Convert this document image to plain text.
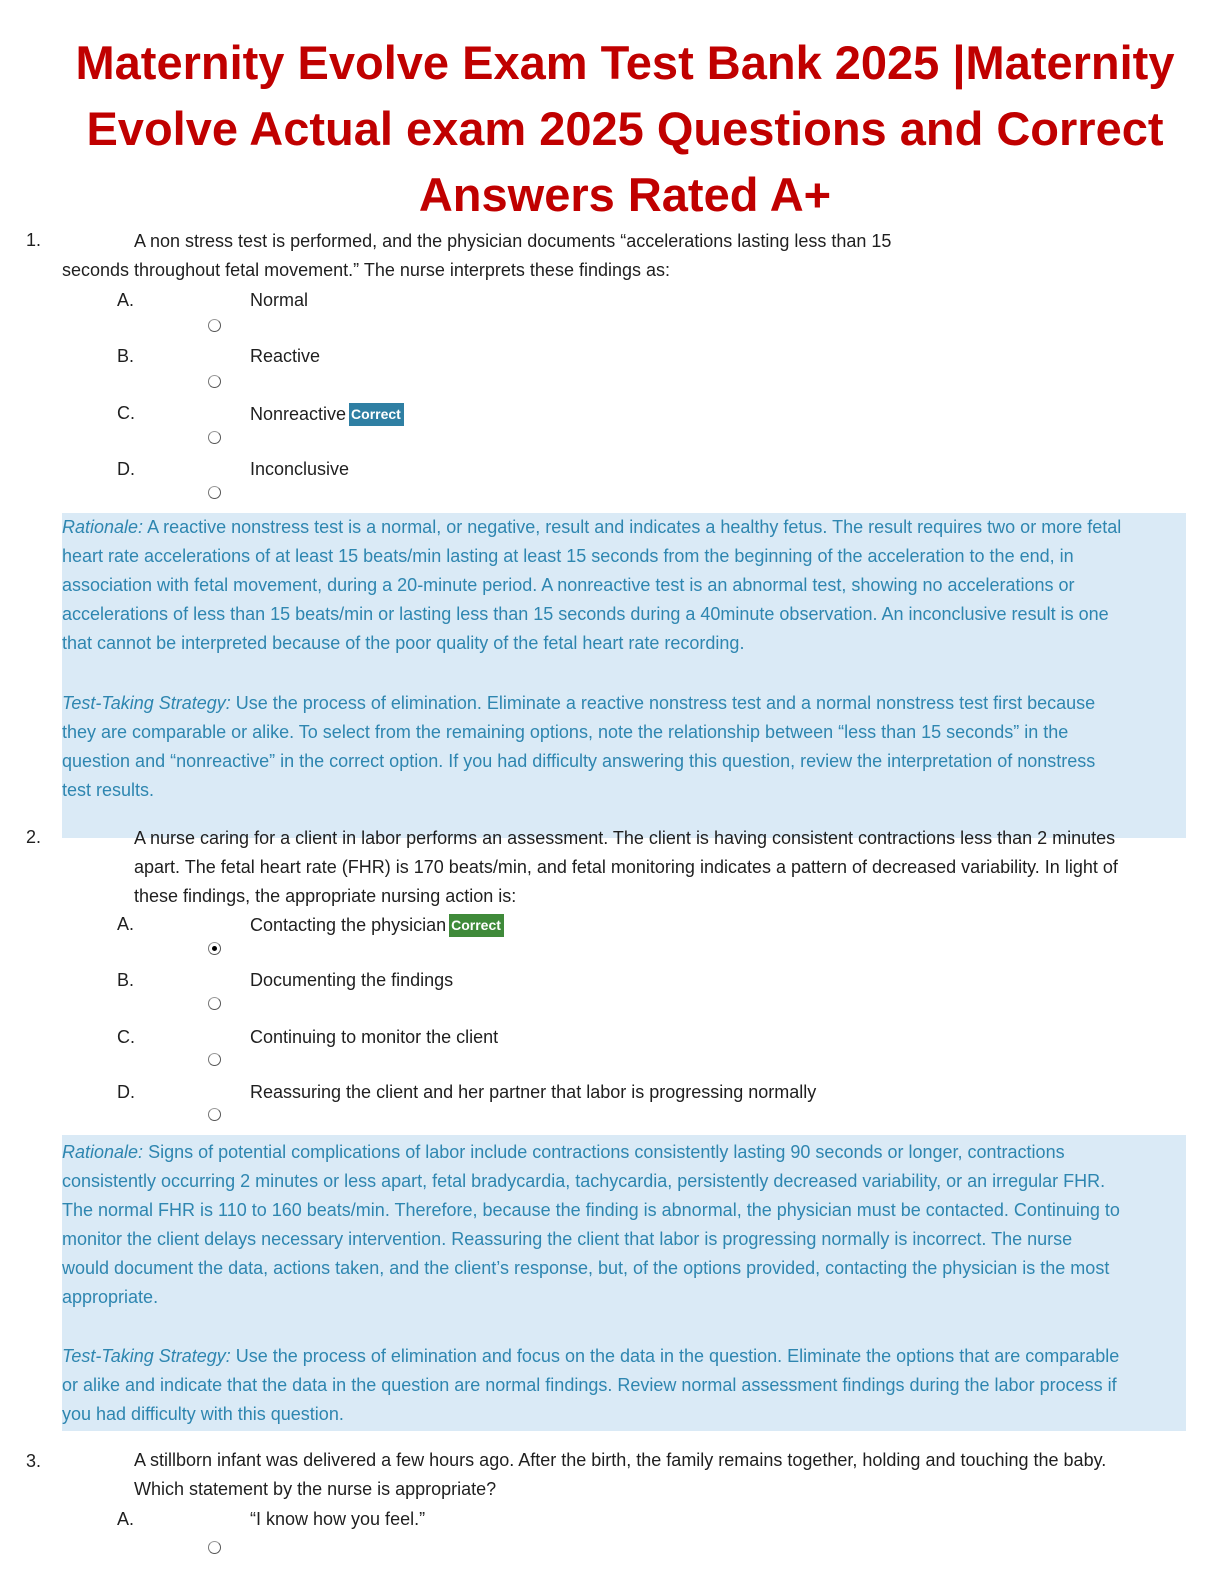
Maternity Evolve Exam Test Bank 2025 |Maternity
Evolve Actual exam 2025 Questions and Correct
Answers Rated A+
1.	A non stress test is performed, and the physician documents “accelerations lasting less than 15
seconds throughout fetal movement.” The nurse interprets these findings as:

A.	Normal
B.	Reactive
C.	Nonreactive Correct
D.	Inconclusive

Rationale: A reactive nonstress test is a normal, or negative, result and indicates a healthy fetus. The result requires two or more fetal
heart rate accelerations of at least 15 beats/min lasting at least 15 seconds from the beginning of the acceleration to the end, in
association with fetal movement, during a 20-minute period. A nonreactive test is an abnormal test, showing no accelerations or
accelerations of less than 15 beats/min or lasting less than 15 seconds during a 40minute observation. An inconclusive result is one
that cannot be interpreted because of the poor quality of the fetal heart rate recording.

Test-Taking Strategy: Use the process of elimination. Eliminate a reactive nonstress test and a normal nonstress test first because
they are comparable or alike. To select from the remaining options, note the relationship between “less than 15 seconds” in the
question and “nonreactive” in the correct option. If you had difficulty answering this question, review the interpretation of nonstress
test results.

2.	A nurse caring for a client in labor performs an assessment. The client is having consistent contractions less than 2 minutes
apart. The fetal heart rate (FHR) is 170 beats/min, and fetal monitoring indicates a pattern of decreased variability. In light of
these findings, the appropriate nursing action is:

A.	Contacting the physician Correct
B.	Documenting the findings
C.	Continuing to monitor the client
D.	Reassuring the client and her partner that labor is progressing normally

Rationale: Signs of potential complications of labor include contractions consistently lasting 90 seconds or longer, contractions
consistently occurring 2 minutes or less apart, fetal bradycardia, tachycardia, persistently decreased variability, or an irregular FHR.
The normal FHR is 110 to 160 beats/min. Therefore, because the finding is abnormal, the physician must be contacted. Continuing to
monitor the client delays necessary intervention. Reassuring the client that labor is progressing normally is incorrect. The nurse
would document the data, actions taken, and the client’s response, but, of the options provided, contacting the physician is the most
appropriate.

Test-Taking Strategy: Use the process of elimination and focus on the data in the question. Eliminate the options that are comparable
or alike and indicate that the data in the question are normal findings. Review normal assessment findings during the labor process if
you had difficulty with this question.

3.	A stillborn infant was delivered a few hours ago. After the birth, the family remains together, holding and touching the baby.
Which statement by the nurse is appropriate?

A.	“I know how you feel.”
